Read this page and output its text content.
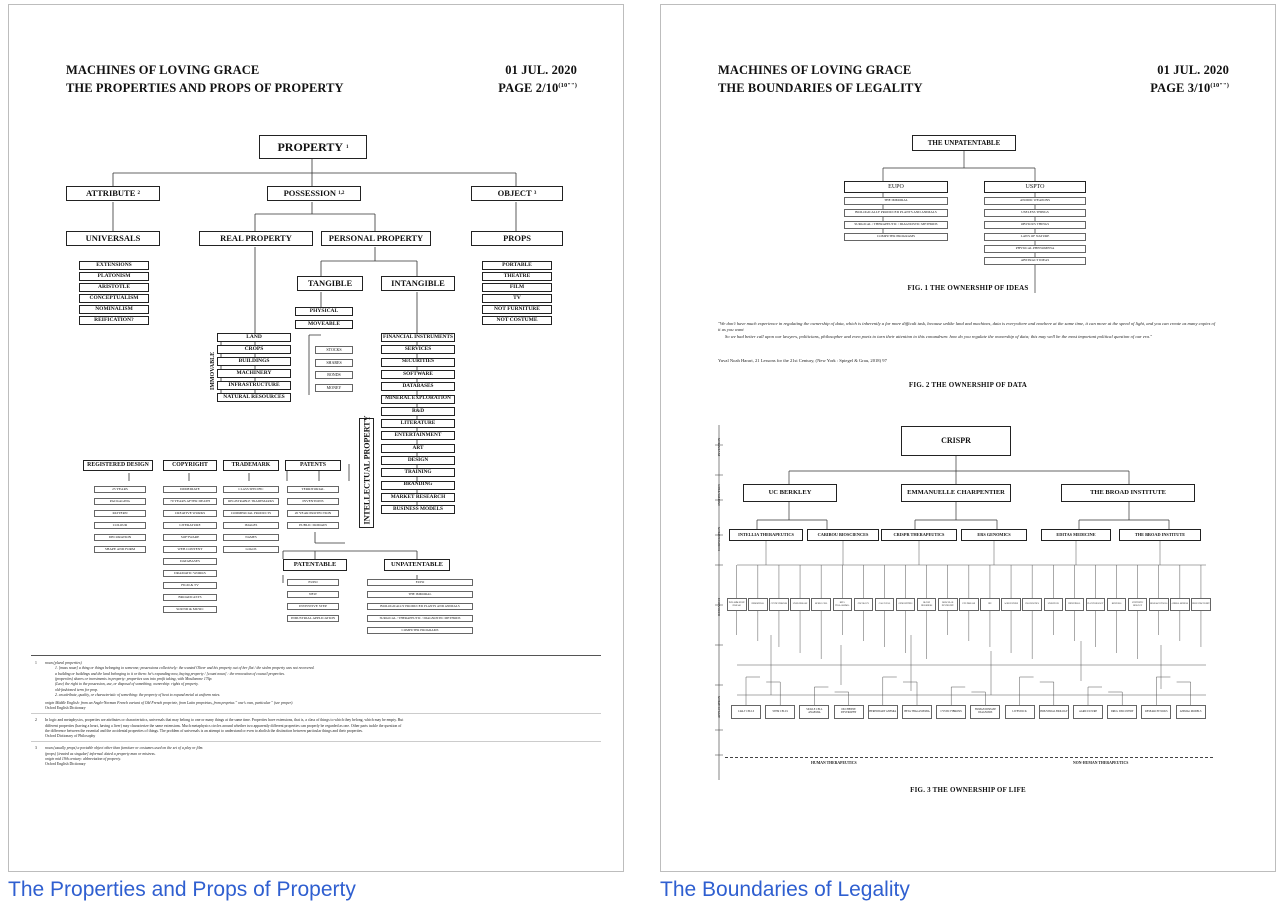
MACHINES OF LOVING GRACE
THE PROPERTIES AND PROPS OF PROPERTY
01 JUL. 2020
PAGE $2/10^{(10"")}$
PROPERTY
1
ATTRIBUTE
2	POSSESSION
1,2	OBJECT
3
UNIVERSALS	PROPS
REAL PROPERTY	PERSONAL PROPERTY
TANGIBLE	INTANGIBLE
EXTENSIONS
PLATONISM
ARISTOTLE
CONCEPTUALISM
NOMINALISM
REIFICATION?
PORTABLE
THEATRE
FILM
TV
NOT FURNITURE
NOT COSTUME
PHYSICAL
MOVEABLE
LAND
CROPS
BUILDINGS
MACHINERY
INFRASTRUCTURE
NATURAL RESOURCES
IMMOVABLE
STOCKS
SHARES
BONDS
MONEY
FINANCIAL INSTRUMENTS
SERVICES
SECURITIES
SOFTWARE
DATABASES
MINERAL EXPLORATION
R&D
LITERATURE
ENTERTAINMENT
ART
DESIGN
TRAINING
BRANDING
MARKET RESEARCH
BUSINESS MODELS
INTELLECTUAL PROPERTY
REGISTERED DESIGN	COPYRIGHT	TRADEMARK	PATENTS
25 YEARS
PACKAGING
PATTERN
COLOUR
DECORATION
SHAPE AND FORM
IMMEDIATE
70 YEARS AFTER DEATH
CREATIVE WORKS
LITERATURE
SOFTWARE
WEB CONTENT
DATABASES
DRAMATIC WORKS
FILM & TV
BROADCASTS
SOUND & MUSIC
CLASS SPECIFIC
REGISTRABLE TRADEMARKS
COMMERCIAL PRODUCTS
IMAGES
NAMES
LOGOS
TERRITORIAL
INVENTIONS
20 YEAR PROTECTION
PUBLIC DOMAIN
PATENTABLE	UNPATENTABLE
EUPO
NEW
INVENTIVE STEP
INDUSTRIAL APPLICATION
EUPO
THE IMMORAL
BIOLOGICALLY PRODUCED PLANTS AND ANIMALS
SURGICAL / THERAPEUTIC / DIAGNOSTIC METHODS
COMPUTER PROGRAMS
1 noun (plural properties)
1. [mass noun] a thing or things belonging to someone; possessions collectively: the wanted Oliver and his property out of her flat / the stolen property was not recovered.
a building or buildings and the land belonging to it or them: he's expanding now, buying property / [count noun] : the renovation of council properties.
(properties) shares or investments in property: properties was into profit taking, with Mostlanone 176p.
(Law) the right to the possession, use, or disposal of something; ownership: rights of property.
old-fashioned term for prop.
2. an attribute, quality, or characteristic of something: the property of heat to expand metal at uniform rates.
origin Middle English: from an Anglo-Norman French variant of Old French propriete, from Latin proprietas, from proprius '' one's own, particular '' (see proper).
Oxford English Dictionary
2 In logic and metaphysics, properties are attributes or characteristics, universals that may belong to one or many things at the same time. Properties have extensions, that is, a class of things to which they belong, which may be empty. But
different properties (having a heart, having a liver) may characterize the same extensions. Much metaphysics circles around whether two apparently different properties can properly be regarded as one. Other parts tackle the question of
the difference between the essential and the accidental properties of things. The problem of universals is an attempt to understand or even to abolish the distinction between particular things and their properties.
Oxford Dictionary of Philosophy
3 noun (usually props) a portable object other than furniture or costumes used on the set of a play or film.
(props) [treated as singular] informal. dated a property man or mistress.
origin mid 19th century: abbreviation of property.
Oxford English Dictionary
MACHINES OF LOVING GRACE
THE BOUNDARIES OF LEGALITY
01 JUL. 2020
PAGE $3/10^{(10"")}$
THE UNPATENTABLE
EUPO	USPTO
THE IMMORAL
BIOLOGICALLY PRODUCED PLANTS AND ANIMALS
SURGICAL / THERAPEUTIC / DIAGNOSTIC METHODS
COMPUTER PROGRAMS
ATOMIC WEAPONS
USELESS THINGS
OBVIOUS THINGS
LAWS OF NATURE
PHYSICAL PHENOMENA
ABSTRACT IDEAS
FIG. 1 THE OWNERSHIP OF IDEAS
"We don't have much experience in regulating the ownership of data, which is inherently a far more difficult task, because unlike land and machines, data is everywhere and nowhere at the same time, it can move at the speed of light, and you can create as many copies of it as you want
So we had better call upon our lawyers, politicians, philosopher and even poets to turn their attention to this conundrum: how do you regulate the ownership of data; this may well be the most important political question of our era."
Yuval Noah Harari, 21 Lessons for the 21st Century, (New York : Spiegel & Grau, 2018) 97
FIG. 2 THE OWNERSHIP OF DATA
INVENTION
INSTITUTION
CORPORATION
RESEARCH
APPLICATION
CRISPR
UC BERKLEY	EMMANUELLE CHARPENTIER	THE BROAD INSTITUTE
INTELLIA THERAPEUTICS	CARIBOU BIOSCIENCES	CRISPR THERAPEUTICS	ERS GENOMICS	EDITAS MEDICINE	THE BROAD INSTITUTE
INFLAMMATORY DISEASE
HEMOPHILIA	CYSTIC FIBROSIS	LIVER DISEASE	SICKLE CELL
BETA THALASSEMIA
ONCOLOGY	CAR-T CELL	GENE EDITING
BLOOD DISORDERS
MUSCULAR DYSTROPHY
EYE DISEASE	HIV	AGRICULTURE	DIAGNOSTICS	LIVESTOCK	INDUSTRIAL	PLANT BIOLOGY	BIOFUELS
SYNTHETIC BIOLOGY
RESEARCH TOOLS	ANIMAL MODELS	DRUG DISCOVERY
CAR-T CELLS	STEM CELLS	SICKLE CELL ANAEMIA
DUCHENNE DYSTROPHY	HEREDITARY ANEMIA	BETA THALASSEMIA	CYSTIC FIBROSIS	HUMAN DISEASE DIAGNOSIS	LIVESTOCK	INDUSTRIAL BIOLOGY	AGRICULTURE	DRUG DISCOVERY	RESEARCH TOOLS	ANIMAL MODELS
HUMAN THERAPEUTICS	NON-HUMAN THERAPEUTICS
FIG. 3 THE OWNERSHIP OF LIFE
The Properties and Props of Property	The Boundaries of Legality
